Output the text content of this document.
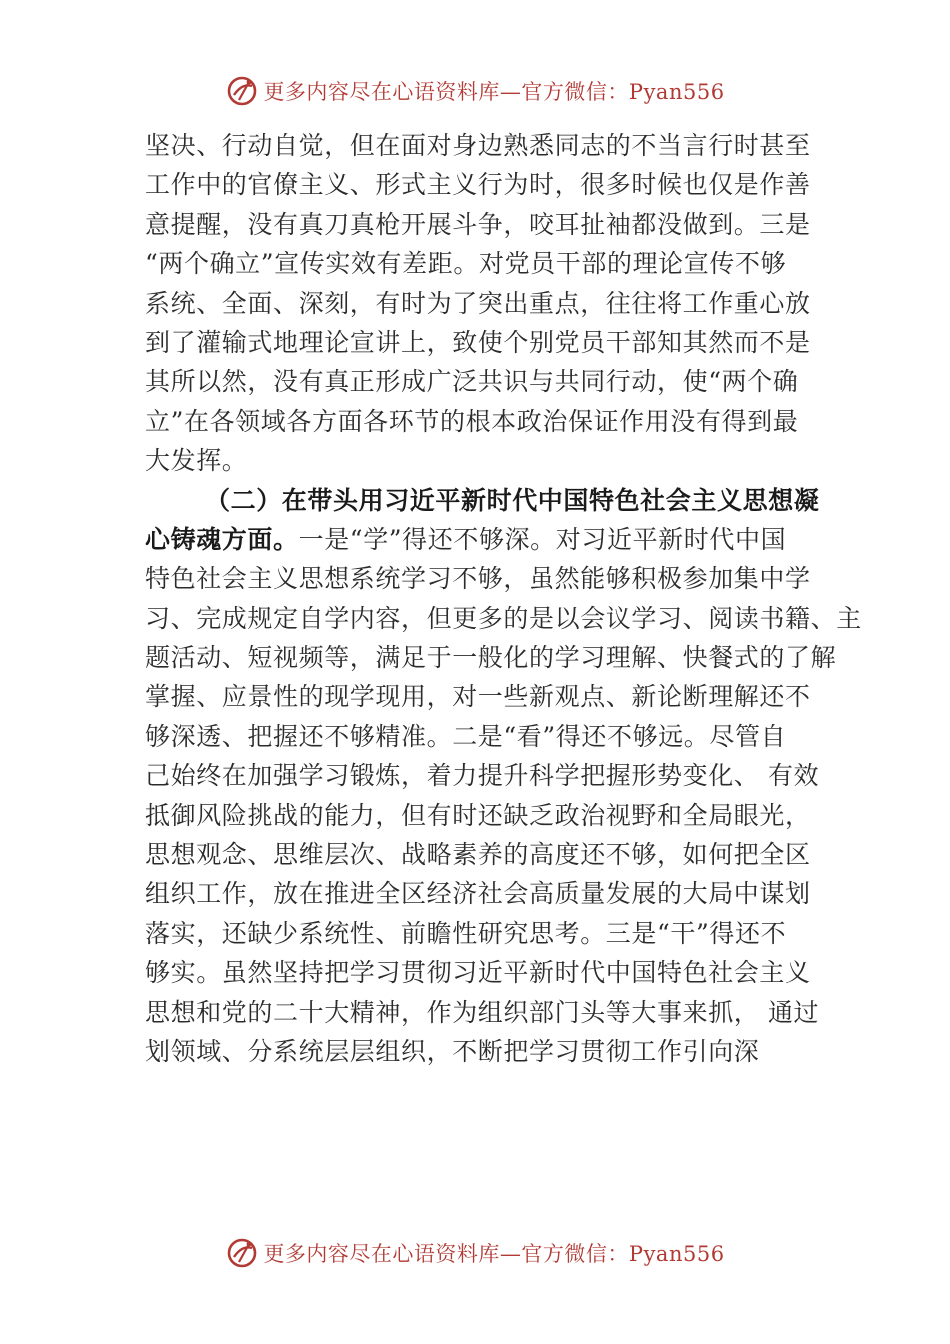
更多内容尽在心语资料库—官方微信：Pyan556
坚决、行动自觉，但在面对身边熟悉同志的不当言行时甚至
工作中的官僚主义、形式主义行为时，很多时候也仅是作善
意提醒，没有真刀真枪开展斗争，咬耳扯袖都没做到。三是
“两个确立”宣传实效有差距。对党员干部的理论宣传不够
系统、全面、深刻，有时为了突出重点，往往将工作重心放
到了灌输式地理论宣讲上，致使个别党员干部知其然而不是
其所以然，没有真正形成广泛共识与共同行动，使“两个确
立”在各领域各方面各环节的根本政治保证作用没有得到最
大发挥。
（二）在带头用习近平新时代中国特色社会主义思想凝
心铸魂方面。一是“学”得还不够深。对习近平新时代中国
特色社会主义思想系统学习不够，虽然能够积极参加集中学
习、完成规定自学内容，但更多的是以会议学习、阅读书籍、主
题活动、短视频等，满足于一般化的学习理解、快餐式的了解
掌握、应景性的现学现用，对一些新观点、新论断理解还不
够深透、把握还不够精准。二是“看”得还不够远。尽管自
己始终在加强学习锻炼，着力提升科学把握形势变化、 有效
抵御风险挑战的能力，但有时还缺乏政治视野和全局眼光，
思想观念、思维层次、战略素养的高度还不够，如何把全区
组织工作，放在推进全区经济社会高质量发展的大局中谋划
落实，还缺少系统性、前瞻性研究思考。三是“干”得还不
够实。虽然坚持把学习贯彻习近平新时代中国特色社会主义
思想和党的二十大精神，作为组织部门头等大事来抓， 通过
划领域、分系统层层组织，不断把学习贯彻工作引向深
更多内容尽在心语资料库—官方微信：Pyan556
